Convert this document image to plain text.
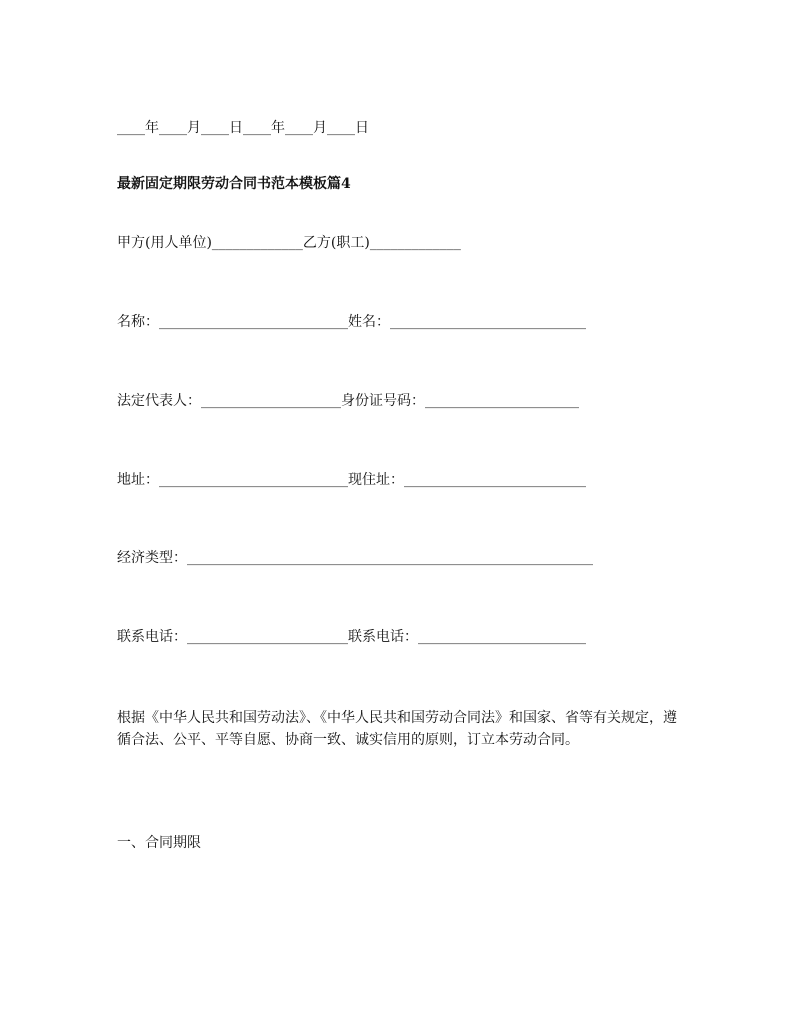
____年____月____日____年____月____日
最新固定期限劳动合同书范本模板篇4
甲方(用人单位)_____________乙方(职工)_____________
名称：___________________________姓名：____________________________
法定代表人：____________________身份证号码：______________________
地址：___________________________现住址：__________________________
经济类型：__________________________________________________________
联系电话：_______________________联系电话：________________________
根据《中华人民共和国劳动法》、《中华人民共和国劳动合同法》和国家、省等有关规定，遵循合法、公平、平等自愿、协商一致、诚实信用的原则，订立本劳动合同。
一、合同期限
